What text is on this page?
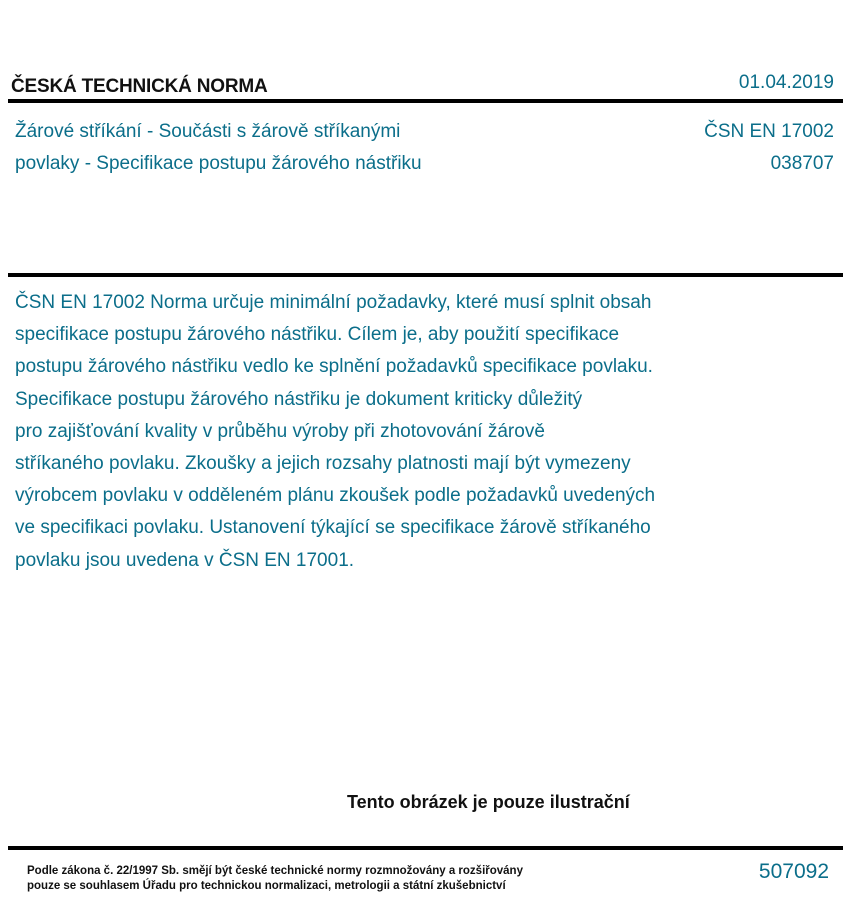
ČESKÁ TECHNICKÁ NORMA	01.04.2019
Žárové stříkání - Součásti s žárově stříkanými
povlaky - Specifikace postupu žárového nástřiku
ČSN EN 17002
038707

ČSN EN 17002 Norma určuje minimální požadavky, které musí splnit obsah

specifikace postupu žárového nástřiku. Cílem je, aby použití specifikace

postupu žárového nástřiku vedlo ke splnění požadavků specifikace povlaku.

Specifikace postupu žárového nástřiku je dokument kriticky důležitý

pro zajišťování kvality v průběhu výroby při zhotovování žárově

stříkaného povlaku. Zkoušky a jejich rozsahy platnosti mají být vymezeny

výrobcem povlaku v odděleném plánu zkoušek podle požadavků uvedených

ve specifikaci povlaku. Ustanovení týkající se specifikace žárově stříkaného

povlaku jsou uvedena v ČSN EN 17001.

Tento obrázek je pouze ilustrační
Podle zákona č. 22/1997 Sb. smějí být české technické normy rozmnožovány a rozšiřovány
pouze se souhlasem Úřadu pro technickou normalizaci, metrologii a státní zkušebnictví
507092
